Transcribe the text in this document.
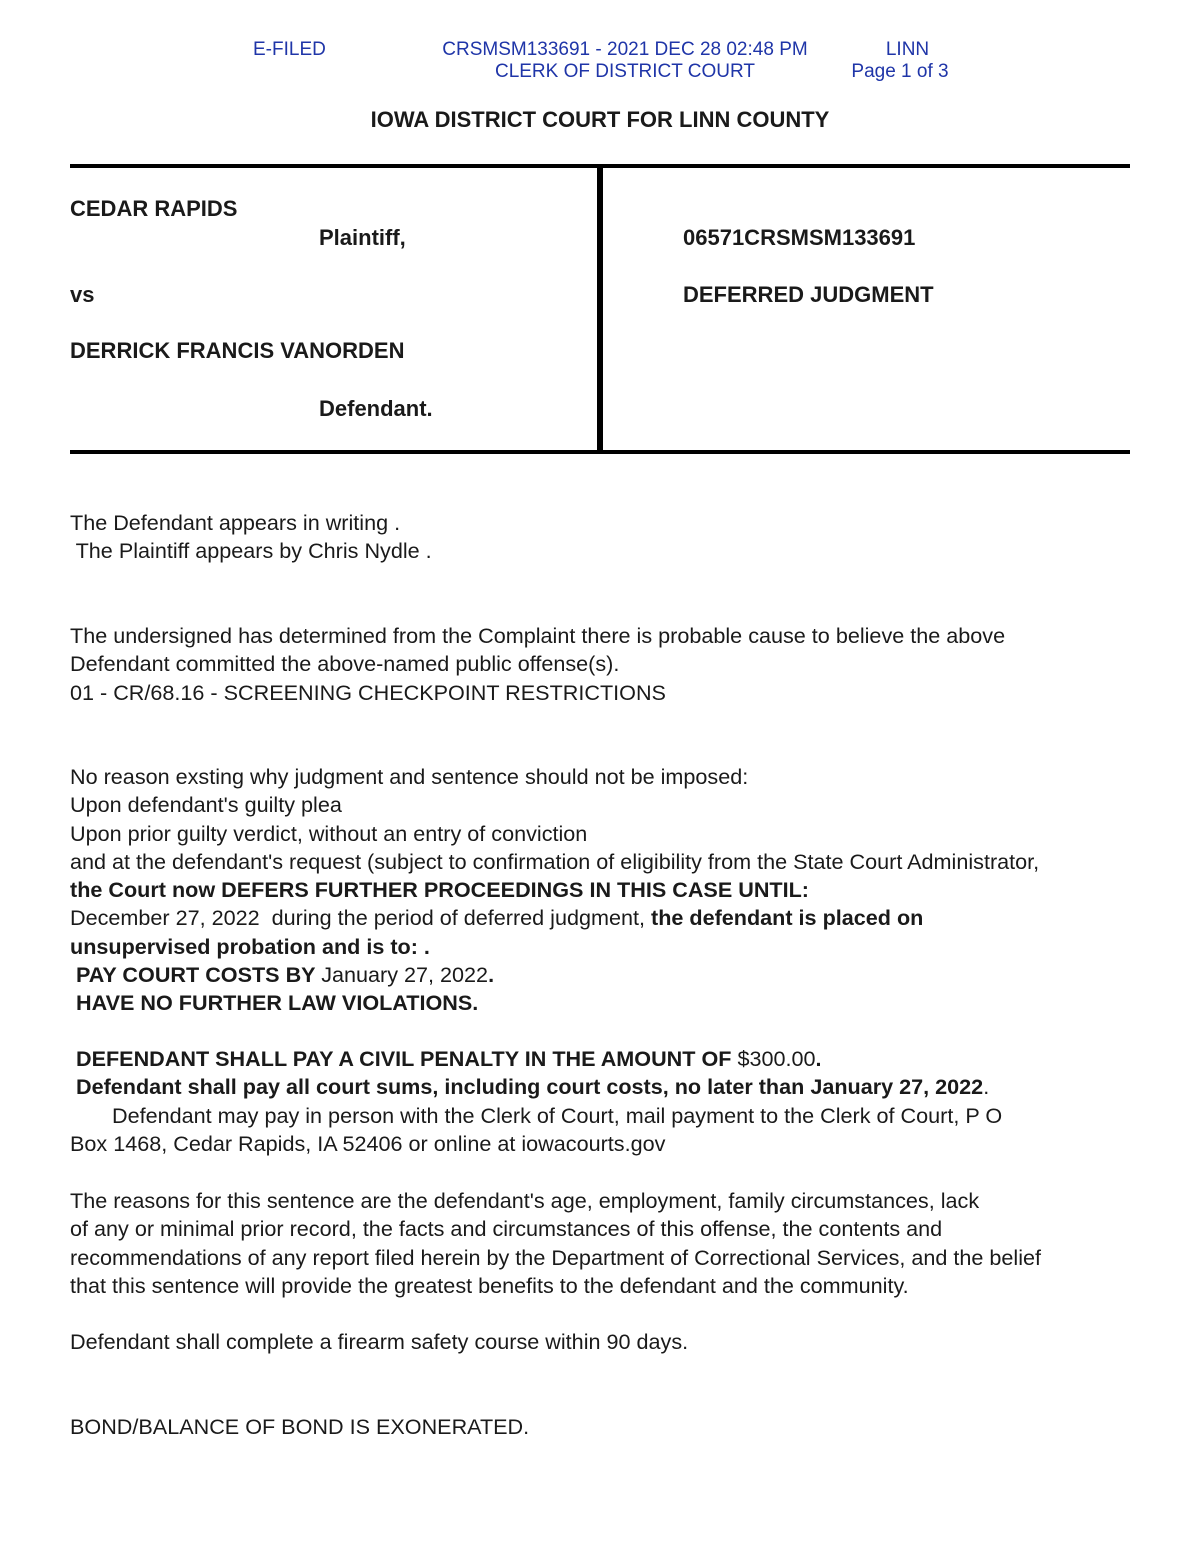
E-FILED	CRSMSM133691 - 2021 DEC 28 02:48 PM
CLERK OF DISTRICT COURT
LINN
Page 1 of 3
IOWA DISTRICT COURT FOR LINN COUNTY
CEDAR RAPIDS
Plaintiff,
vs
DERRICK FRANCIS VANORDEN
Defendant.
06571CRSMSM133691
DEFERRED JUDGMENT
The Defendant appears in writing .
The Plaintiff appears by Chris Nydle .
The undersigned has determined from the Complaint there is probable cause to believe the above
Defendant committed the above-named public offense(s).
01 - CR/68.16 - SCREENING CHECKPOINT RESTRICTIONS
No reason exsting why judgment and sentence should not be imposed:
Upon defendant's guilty plea
Upon prior guilty verdict, without an entry of conviction
and at the defendant's request (subject to confirmation of eligibility from the State Court Administrator,
the Court now DEFERS FURTHER PROCEEDINGS IN THIS CASE UNTIL:
December 27, 2022  during the period of deferred judgment, the defendant is placed on
unsupervised probation and is to: .
PAY COURT COSTS BY January 27, 2022.
HAVE NO FURTHER LAW VIOLATIONS.
DEFENDANT SHALL PAY A CIVIL PENALTY IN THE AMOUNT OF $300.00.
Defendant shall pay all court sums, including court costs, no later than January 27, 2022.
Defendant may pay in person with the Clerk of Court, mail payment to the Clerk of Court, P O
Box 1468, Cedar Rapids, IA 52406 or online at iowacourts.gov
The reasons for this sentence are the defendant's age, employment, family circumstances, lack
of any or minimal prior record, the facts and circumstances of this offense, the contents and
recommendations of any report filed herein by the Department of Correctional Services, and the belief
that this sentence will provide the greatest benefits to the defendant and the community.
Defendant shall complete a firearm safety course within 90 days.
BOND/BALANCE OF BOND IS EXONERATED.
